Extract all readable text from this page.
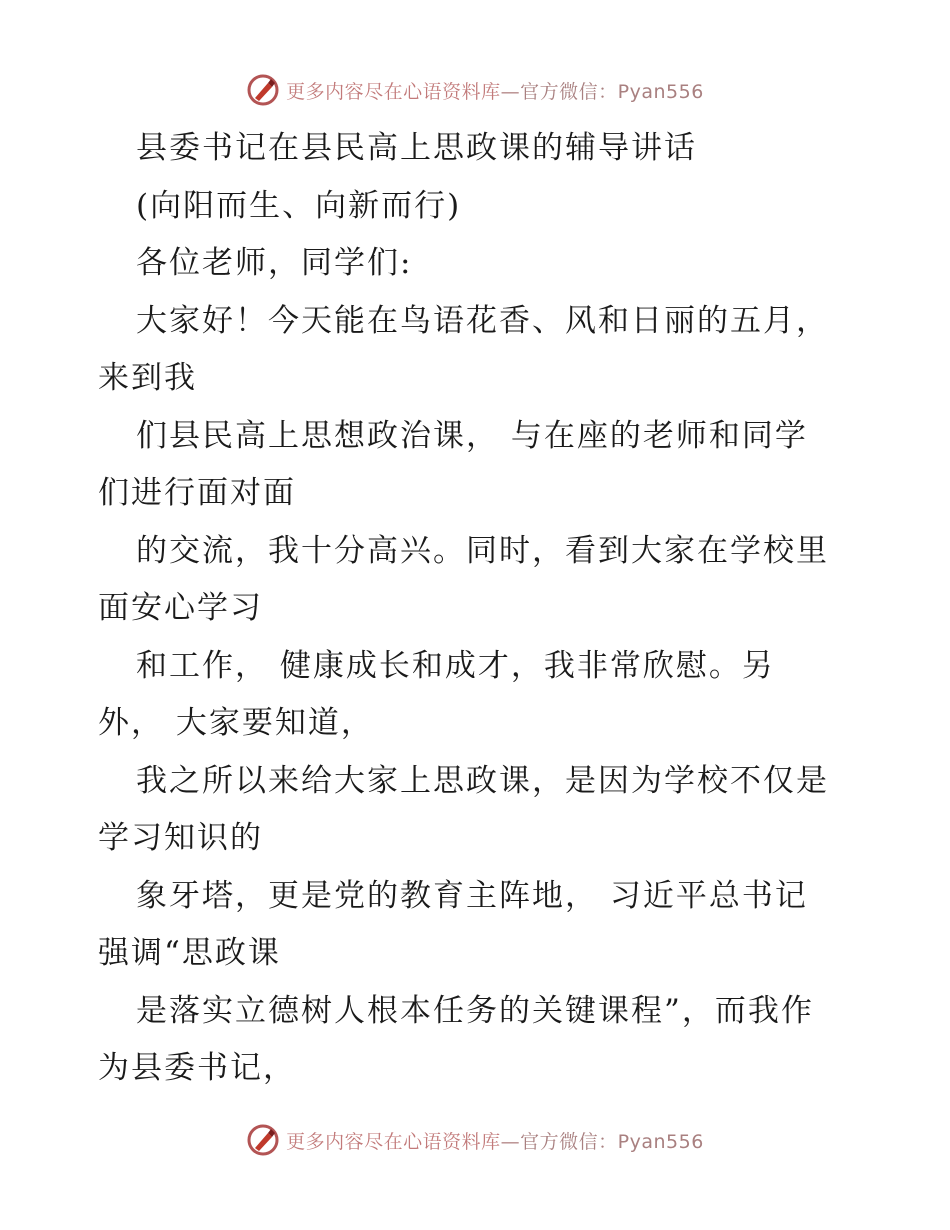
更多内容尽在心语资料库—官方微信：Pyan556
县委书记在县民高上思政课的辅导讲话
(向阳而生、向新而行)
各位老师，同学们:
大家好！今天能在鸟语花香、风和日丽的五月，
来到我
们县民高上思想政治课， 与在座的老师和同学
们进行面对面
的交流，我十分高兴。同时，看到大家在学校里
面安心学习
和工作， 健康成长和成才，我非常欣慰。另
外， 大家要知道，
我之所以来给大家上思政课，是因为学校不仅是
学习知识的
象牙塔，更是党的教育主阵地， 习近平总书记
强调“思政课
是落实立德树人根本任务的关键课程”，而我作
为县委书记，
更多内容尽在心语资料库—官方微信：Pyan556
